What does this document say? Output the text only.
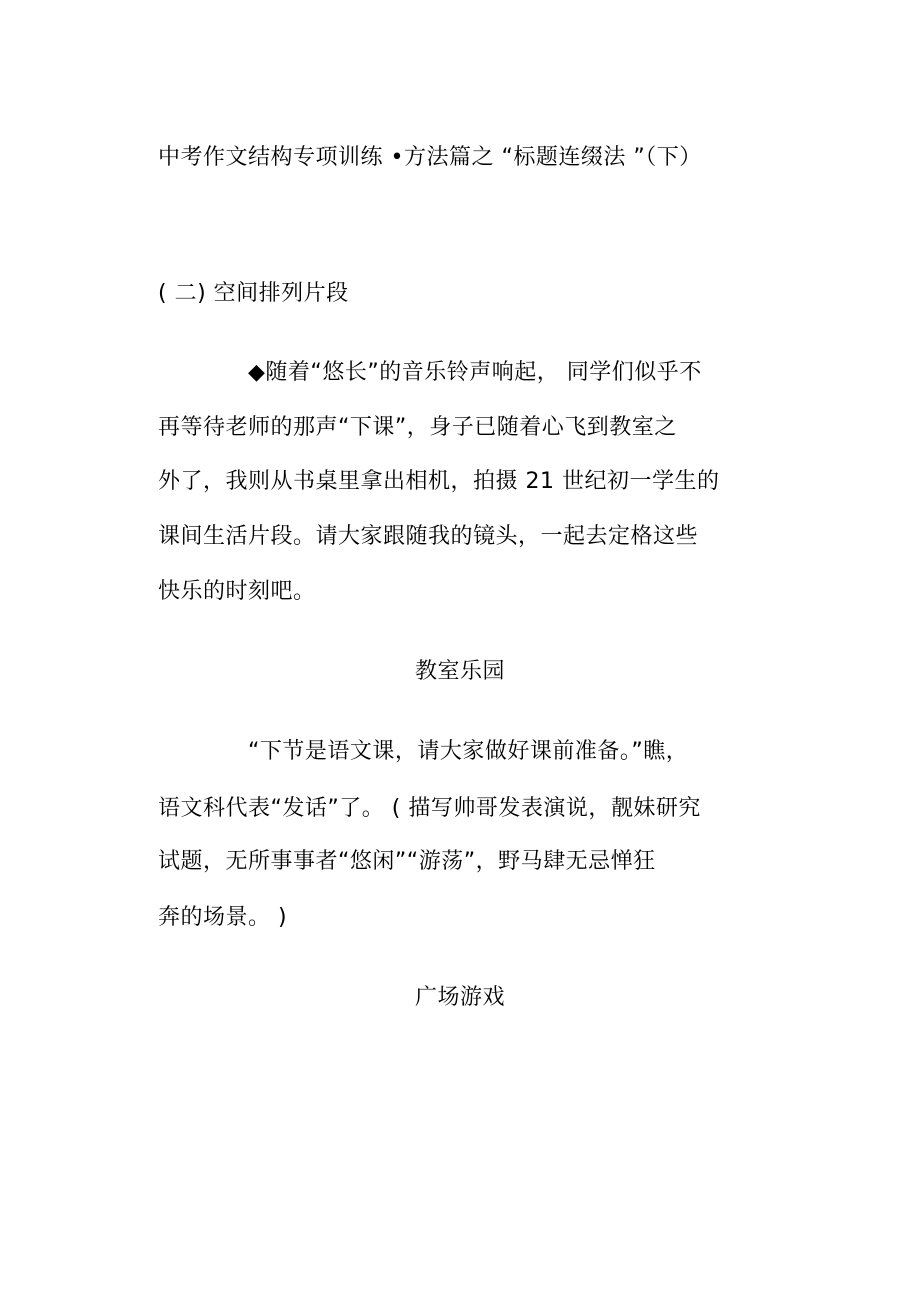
中考作文结构专项训练 •方法篇之 “标题连缀法 ”（下）
( 二) 空间排列片段
◆随着“悠长”的音乐铃声响起， 同学们似乎不
再等待老师的那声“下课”，身子已随着心飞到教室之
外了，我则从书桌里拿出相机，拍摄 21 世纪初一学生的
课间生活片段。请大家跟随我的镜头，一起去定格这些
快乐的时刻吧。
教室乐园
“下节是语文课，请大家做好课前准备。”瞧，
语文科代表“发话”了。 ( 描写帅哥发表演说，靓妹研究
试题，无所事事者“悠闲”“游荡”，野马肆无忌惮狂
奔的场景。 )
广场游戏
